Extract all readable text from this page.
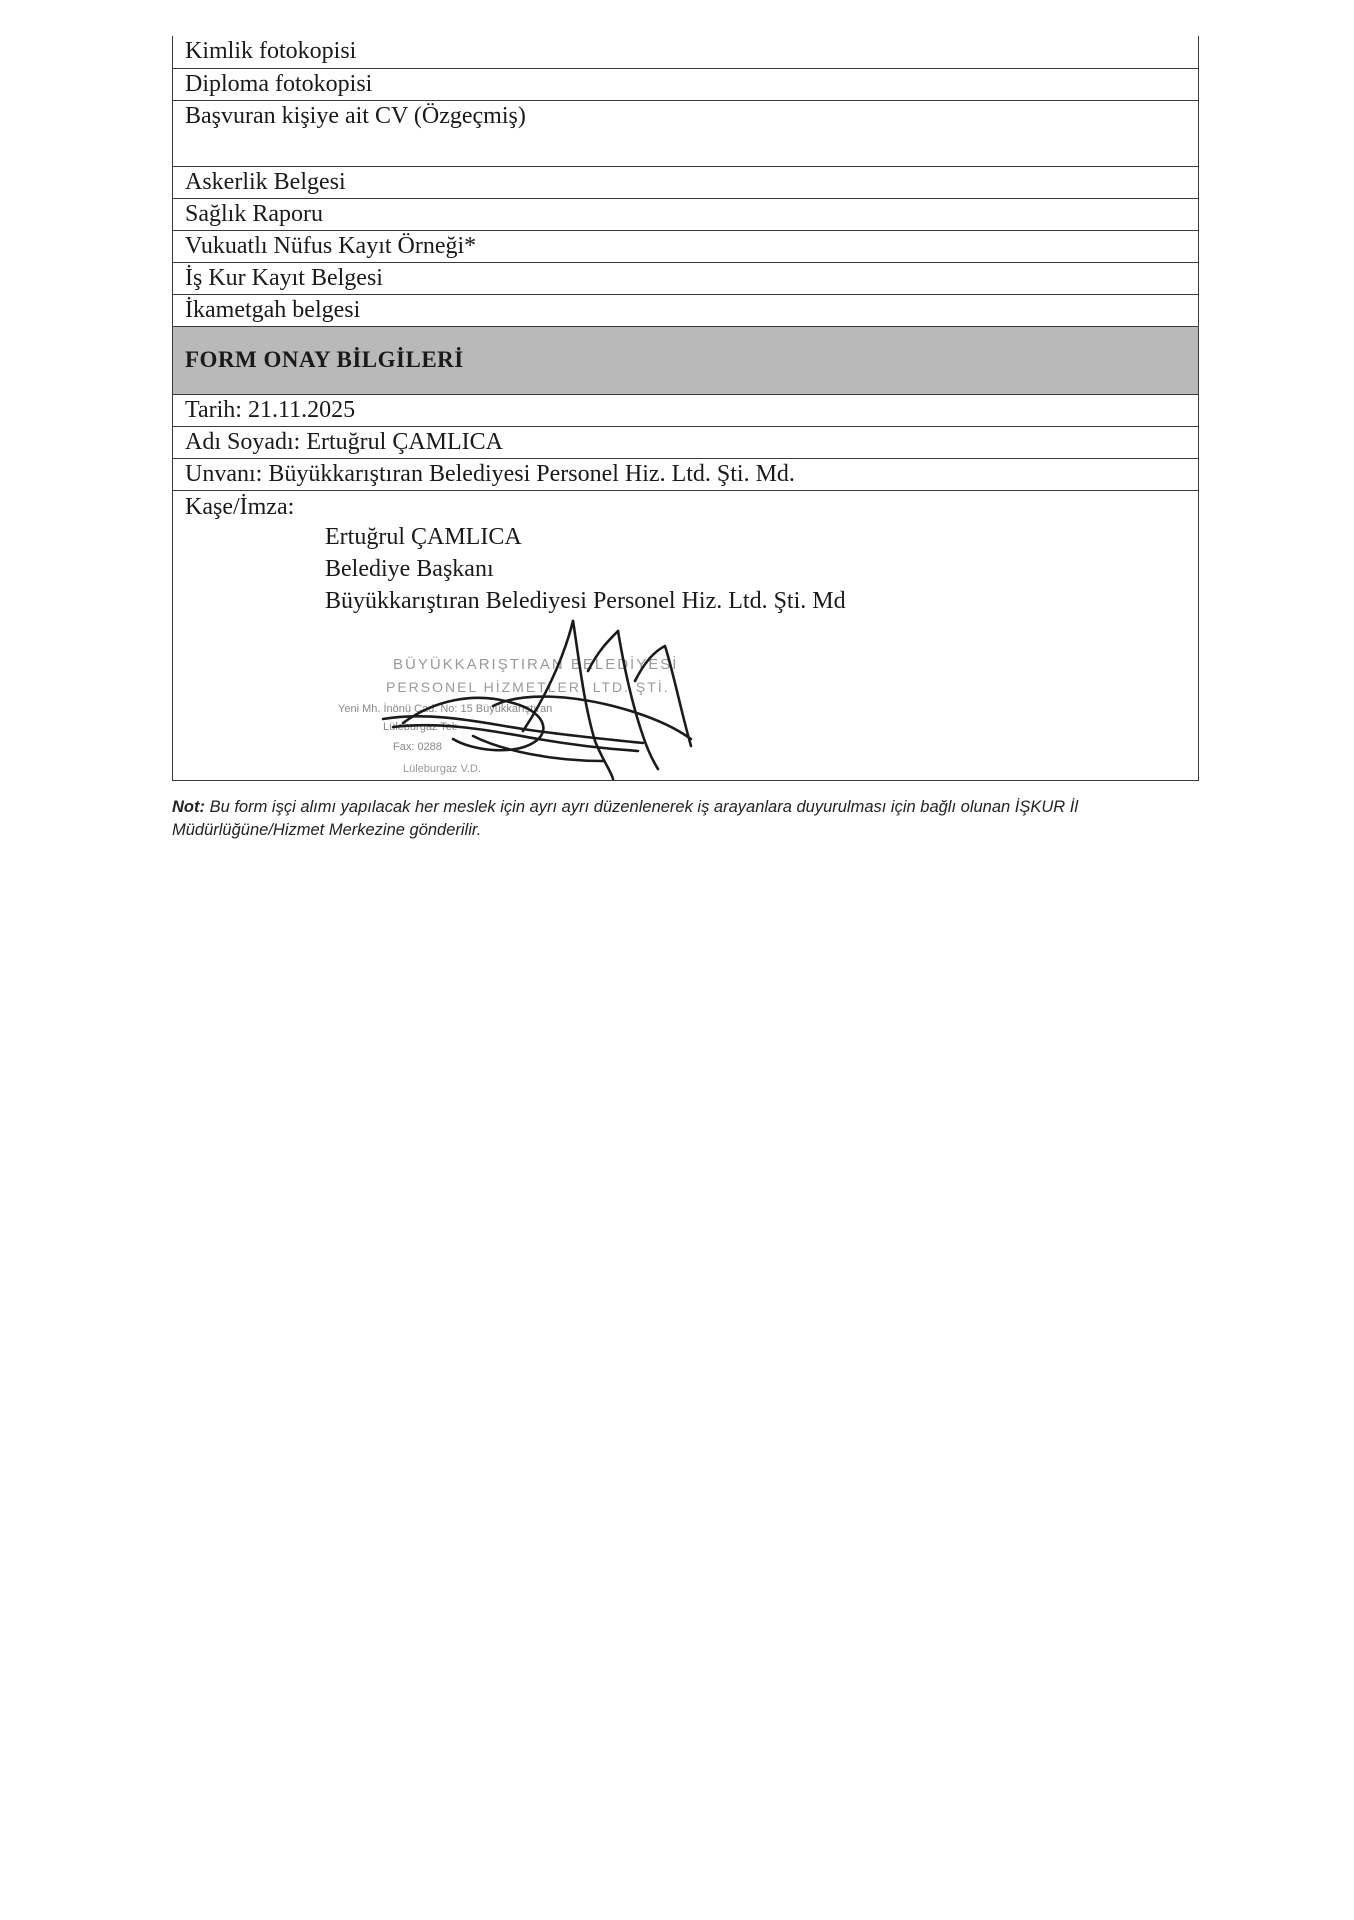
Kimlik fotokopisi
Diploma fotokopisi
Başvuran kişiye ait CV (Özgeçmiş)
Askerlik Belgesi
Sağlık Raporu
Vukuatlı Nüfus Kayıt Örneği*
İş Kur Kayıt Belgesi
İkametgah belgesi
FORM ONAY BİLGİLERİ
Tarih: 21.11.2025
Adı Soyadı: Ertuğrul ÇAMLICA
Unvanı: Büyükkarıştıran Belediyesi Personel Hiz. Ltd. Şti. Md.
Kaşe/İmza:
Ertuğrul ÇAMLICA
Belediye Başkanı
Büyükkarıştıran Belediyesi Personel Hiz. Ltd. Şti. Md
BÜYÜKKARIŞTIRAN BELEDİYESİ
PERSONEL HİZMETLERİ LTD. ŞTİ.
Yeni Mh. İnönü Cad. No: 15 Büyükkarıştıran
Lüleburgaz Tel:
Fax: 0288
Lüleburgaz V.D.
Not: Bu form işçi alımı yapılacak her meslek için ayrı ayrı düzenlenerek iş arayanlara duyurulması için bağlı olunan İŞKUR İl Müdürlüğüne/Hizmet Merkezine gönderilir.
